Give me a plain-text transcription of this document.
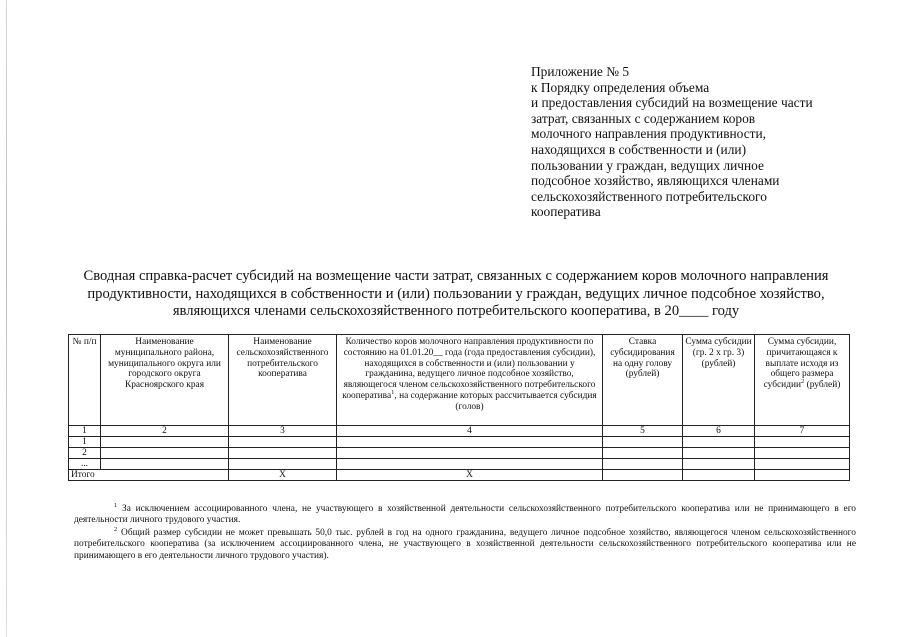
Приложение № 5
к Порядку определения объема
и предоставления субсидий на возмещение части
затрат, связанных с содержанием коров
молочного направления продуктивности,
находящихся в собственности и (или)
пользовании у граждан, ведущих личное
подсобное хозяйство, являющихся членами
сельскохозяйственного потребительского
кооператива
Сводная справка-расчет субсидий на возмещение части затрат, связанных с содержанием коров молочного направления
продуктивности, находящихся в собственности и (или) пользовании у граждан, ведущих личное подсобное хозяйство,
являющихся членами сельскохозяйственного потребительского кооператива, в 20____ году
№ п/п	Наименование муниципального района, муниципального округа или городского округа Красноярского края	Наименование сельскохозяйственного потребительского кооператива	Количество коров молочного направления продуктивности по состоянию на 01.01.20__ года (года предоставления субсидии), находящихся в собственности и (или) пользовании у гражданина, ведущего личное подсобное хозяйство, являющегося членом сельскохозяйственного потребительского кооператива$^1$, на содержание которых рассчитывается субсидия (голов)	Ставка субсидирования на одну голову (рублей)	Сумма субсидии (гр. 2 х гр. 3) (рублей)	Сумма субсидии, причитающаяся к выплате исходя из общего размера субсидии$^2$ (рублей)
1	2	3	4	5	6	7
1						
2						
...						
Итого		Х	Х			

$^1$ За исключением ассоциированного члена, не участвующего в хозяйственной деятельности сельскохозяйственного потребительского кооператива или не принимающего в его деятельности личного трудового участия.

$^2$ Общий размер субсидии не может превышать 50,0 тыс. рублей в год на одного гражданина, ведущего личное подсобное хозяйство, являющегося членом сельскохозяйственного потребительского кооператива (за исключением ассоциированного члена, не участвующего в хозяйственной деятельности сельскохозяйственного потребительского кооператива или не принимающего в его деятельности личного трудового участия).
